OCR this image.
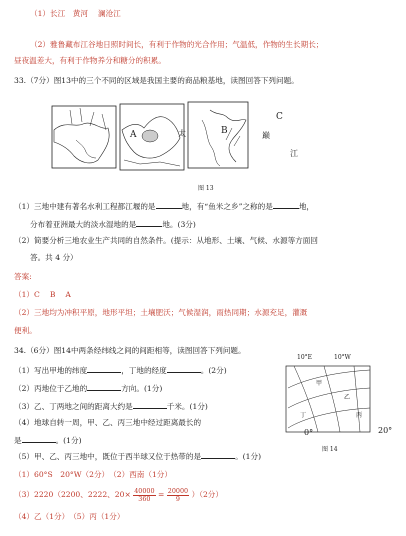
（1）长江　黄河　 澜沧江
（2）雅鲁藏布江谷地日照时间长，有利于作物的光合作用；气温低，作物的生长期长；
昼夜温差大，有利于作物养分和糖分的积累。
33.（7分）图13中的三个不同的区域是我国主要的商品粮基地，读图回答下列问题。
A	太	B
C
巅
江
图 13
（1）三地中建有著名水利工程都江堰的是	地，有“鱼米之乡”之称的是	地，
分布着亚洲最大的淡水湿地的是	地。(3分)
（2）简要分析三地农业生产共同的自然条件。(提示：从地形、土壤、气候、水源等方面回
答。共 4 分）
答案:
（1）C　 B　 A
（2）三地均为冲积平原，地形平坦；土壤肥沃；气候湿润，雨热同期；水源充足，灌溉
便利。
34.（6分）图14中两条经纬线之间的间距相等，读图回答下列问题。
（1）写出甲地的纬度	，丁地的经度	。(2分)
（2）丙地位于乙地的	方向。(1分)
（3）乙、丁两地之间的距离大约是	千米。(1分)
（4）地球自转一周，甲、乙、丙三地中经过距离最长的
是	。(1分)
（5）甲、乙、丙三地中，既位于西半球又位于热带的是	。(1分)
10°E	10°W
0°	20°
甲
乙
丙
丁
图 14
（1）60°S　20°W（2分）　（2）西南（1分）
（3）2220（2200、2222、$20\times \frac{40000}{360} = \frac{20000}{9} )(2$分）
（4）乙（1分）　（5）丙（1分）
